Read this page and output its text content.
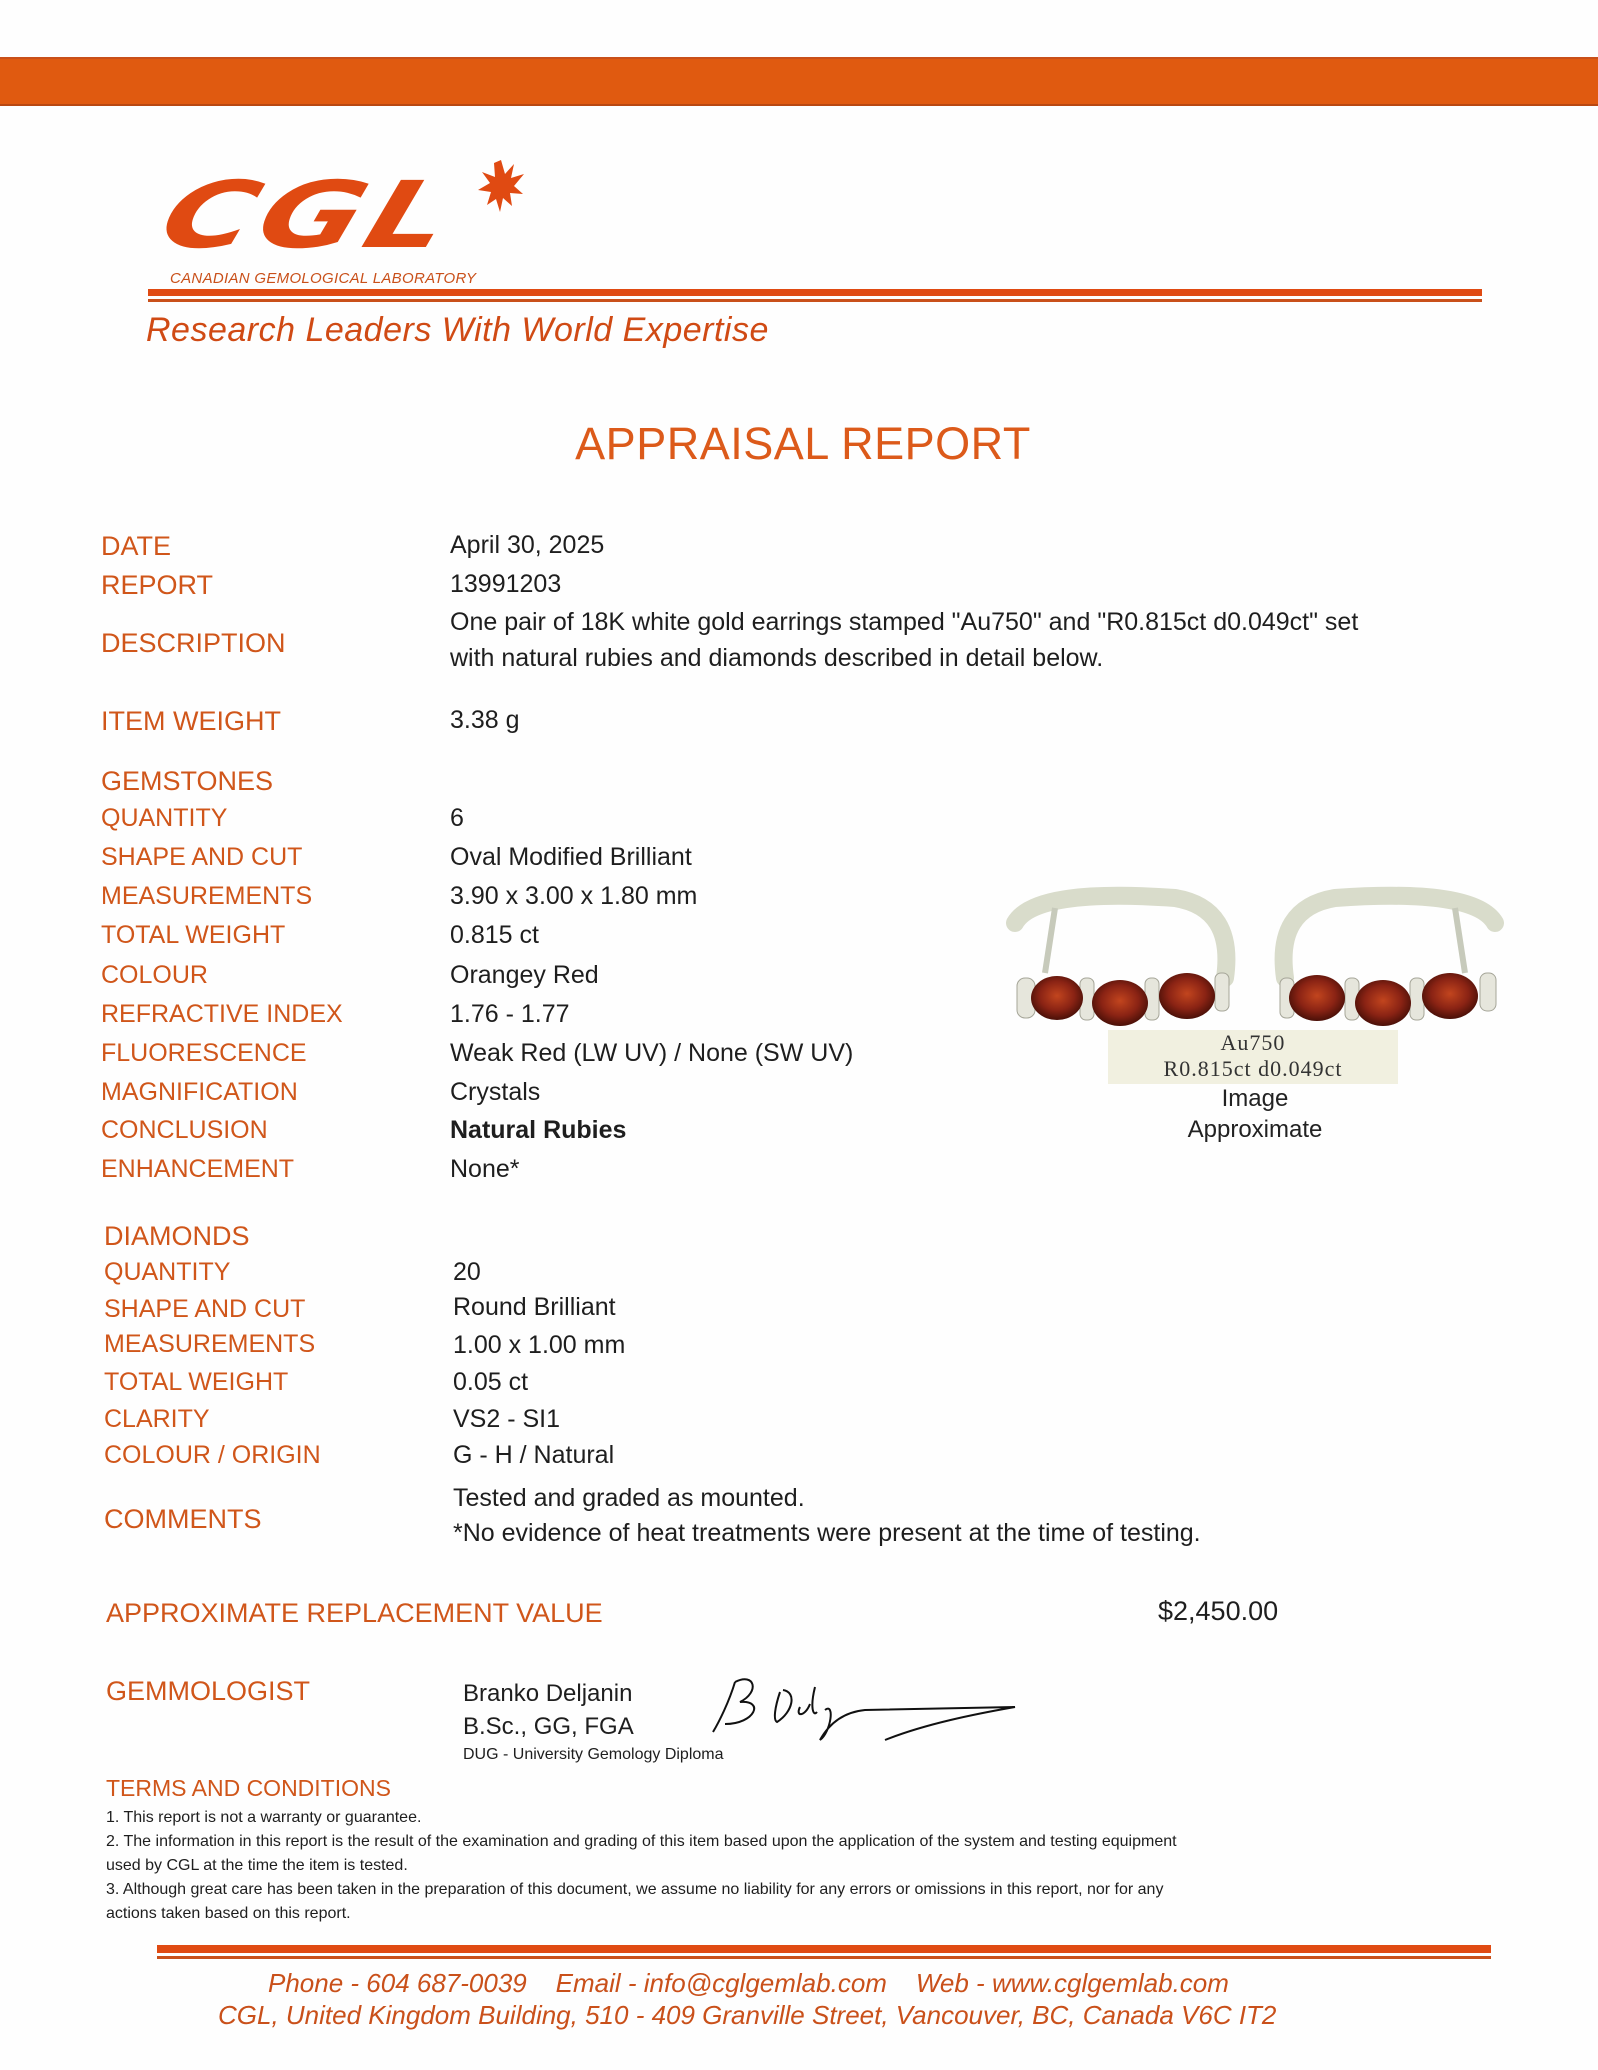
CGL
CANADIAN GEMOLOGICAL LABORATORY
Research Leaders With World Expertise
APPRAISAL REPORT
DATE	April 30, 2025
REPORT	13991203
DESCRIPTION
One pair of 18K white gold earrings stamped "Au750" and "R0.815ct d0.049ct" set
with natural rubies and diamonds described in detail below.
ITEM WEIGHT	3.38 g
GEMSTONES
QUANTITY	6
SHAPE AND CUT	Oval Modified Brilliant
MEASUREMENTS	3.90 x 3.00 x 1.80 mm
TOTAL WEIGHT	0.815 ct
COLOUR	Orangey Red
REFRACTIVE INDEX	1.76 - 1.77
FLUORESCENCE	Weak Red (LW UV) / None (SW UV)
MAGNIFICATION	Crystals
CONCLUSION	Natural Rubies
ENHANCEMENT	None*
Au750
R0.815ct d0.049ct
Image
Approximate
DIAMONDS
QUANTITY	20
SHAPE AND CUT	Round Brilliant
MEASUREMENTS	1.00 x 1.00 mm
TOTAL WEIGHT	0.05 ct
CLARITY	VS2 - SI1
COLOUR / ORIGIN	G - H / Natural
COMMENTS
Tested and graded as mounted.
*No evidence of heat treatments were present at the time of testing.
APPROXIMATE REPLACEMENT VALUE	$2,450.00
GEMMOLOGIST	Branko Deljanin
B.Sc., GG, FGA
DUG - University Gemology Diploma
TERMS AND CONDITIONS
1. This report is not a warranty or guarantee.
2. The information in this report is the result of the examination and grading of this item based upon the application of the system and testing equipment
used by CGL at the time the item is tested.
3. Although great care has been taken in the preparation of this document, we assume no liability for any errors or omissions in this report, nor for any
actions taken based on this report.
Phone - 604 687-0039    Email - info@cglgemlab.com    Web - www.cglgemlab.com
CGL, United Kingdom Building, 510 - 409 Granville Street, Vancouver, BC, Canada V6C IT2
